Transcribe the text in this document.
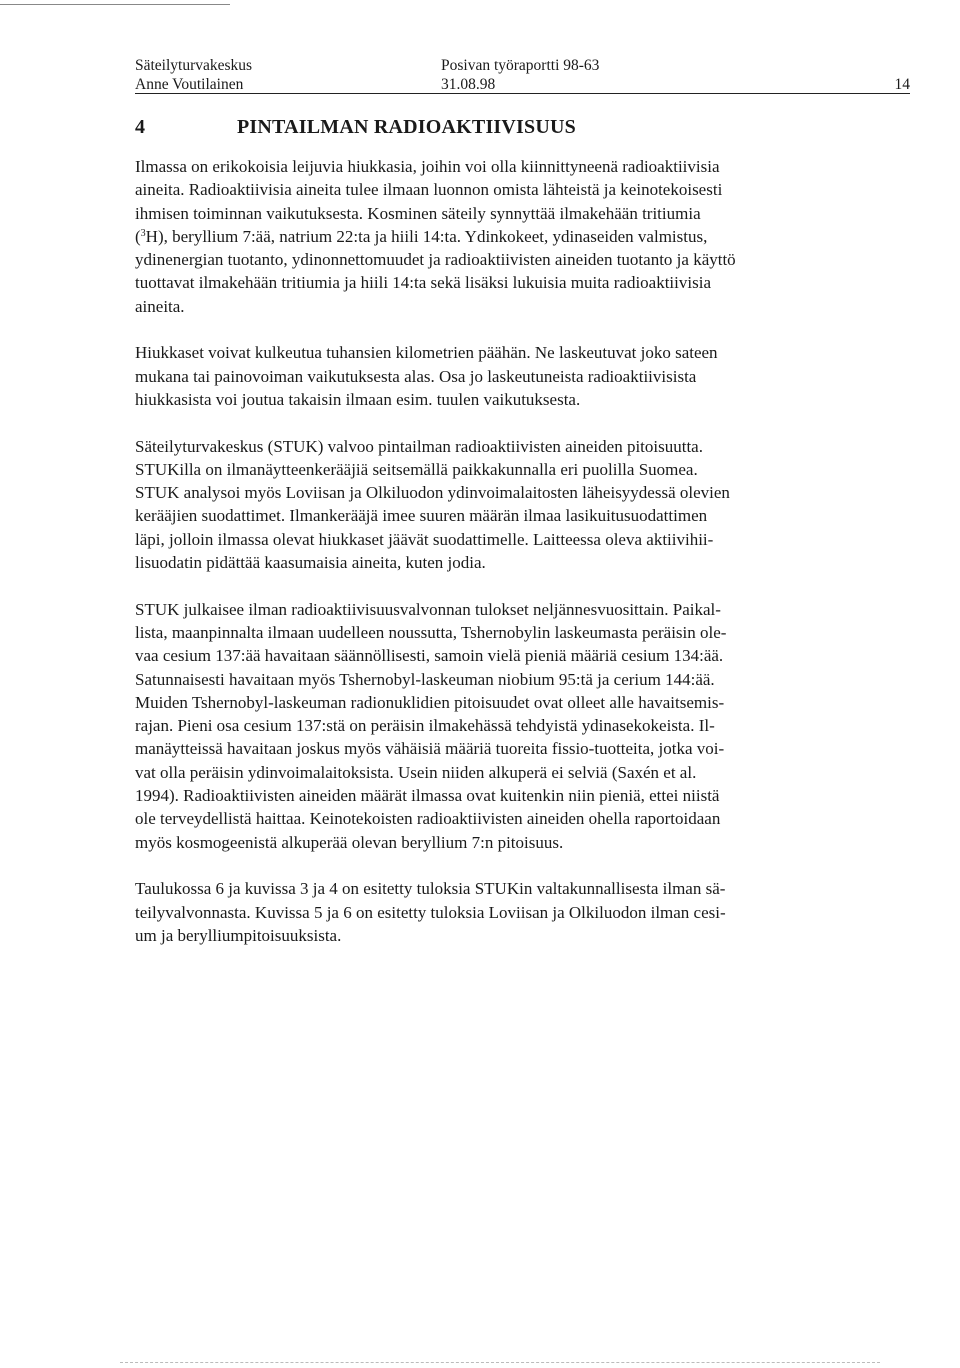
Säteilyturvakeskus	Posivan työraportti 98-63
Anne Voutilainen	31.08.98	14
4	PINTAILMAN RADIOAKTIIVISUUS

Ilmassa on erikokoisia leijuvia hiukkasia, joihin voi olla kiinnittyneenä radioaktiivisia
aineita. Radioaktiivisia aineita tulee ilmaan luonnon omista lähteistä ja keinotekoisesti
ihmisen toiminnan vaikutuksesta. Kosminen säteily synnyttää ilmakehään tritiumia
($^3$H), beryllium 7:ää, natrium 22:ta ja hiili 14:ta. Ydinkokeet, ydinaseiden valmistus,
ydinenergian tuotanto, ydinonnettomuudet ja radioaktiivisten aineiden tuotanto ja käyttö
tuottavat ilmakehään tritiumia ja hiili 14:ta sekä lisäksi lukuisia muita radioaktiivisia
aineita.

Hiukkaset voivat kulkeutua tuhansien kilometrien päähän. Ne laskeutuvat joko sateen
mukana tai painovoiman vaikutuksesta alas. Osa jo laskeutuneista radioaktiivisista
hiukkasista voi joutua takaisin ilmaan esim. tuulen vaikutuksesta.

Säteilyturvakeskus (STUK) valvoo pintailman radioaktiivisten aineiden pitoisuutta.
STUKilla on ilmanäytteenkerääjiä seitsemällä paikkakunnalla eri puolilla Suomea.
STUK analysoi myös Loviisan ja Olkiluodon ydinvoimalaitosten läheisyydessä olevien
kerääjien suodattimet. Ilmankerääjä imee suuren määrän ilmaa lasikuitusuodattimen
läpi, jolloin ilmassa olevat hiukkaset jäävät suodattimelle. Laitteessa oleva aktiivihii-
lisuodatin pidättää kaasumaisia aineita, kuten jodia.

STUK julkaisee ilman radioaktiivisuusvalvonnan tulokset neljännesvuosittain. Paikal-
lista, maanpinnalta ilmaan uudelleen noussutta, Tshernobylin laskeumasta peräisin ole-
vaa cesium 137:ää havaitaan säännöllisesti, samoin vielä pieniä määriä cesium 134:ää.
Satunnaisesti havaitaan myös Tshernobyl-laskeuman niobium 95:tä ja cerium 144:ää.
Muiden Tshernobyl-laskeuman radionuklidien pitoisuudet ovat olleet alle havaitsemis-
rajan. Pieni osa cesium 137:stä on peräisin ilmakehässä tehdyistä ydinasekokeista. Il-
manäytteissä havaitaan joskus myös vähäisiä määriä tuoreita fissio-tuotteita, jotka voi-
vat olla peräisin ydinvoimalaitoksista. Usein niiden alkuperä ei selviä (Saxén et al.
1994). Radioaktiivisten aineiden määrät ilmassa ovat kuitenkin niin pieniä, ettei niistä
ole terveydellistä haittaa. Keinotekoisten radioaktiivisten aineiden ohella raportoidaan
myös kosmogeenistä alkuperää olevan beryllium 7:n pitoisuus.

Taulukossa 6 ja kuvissa 3 ja 4 on esitetty tuloksia STUKin valtakunnallisesta ilman sä-
teilyvalvonnasta. Kuvissa 5 ja 6 on esitetty tuloksia Loviisan ja Olkiluodon ilman cesi-
um ja berylliumpitoisuuksista.
